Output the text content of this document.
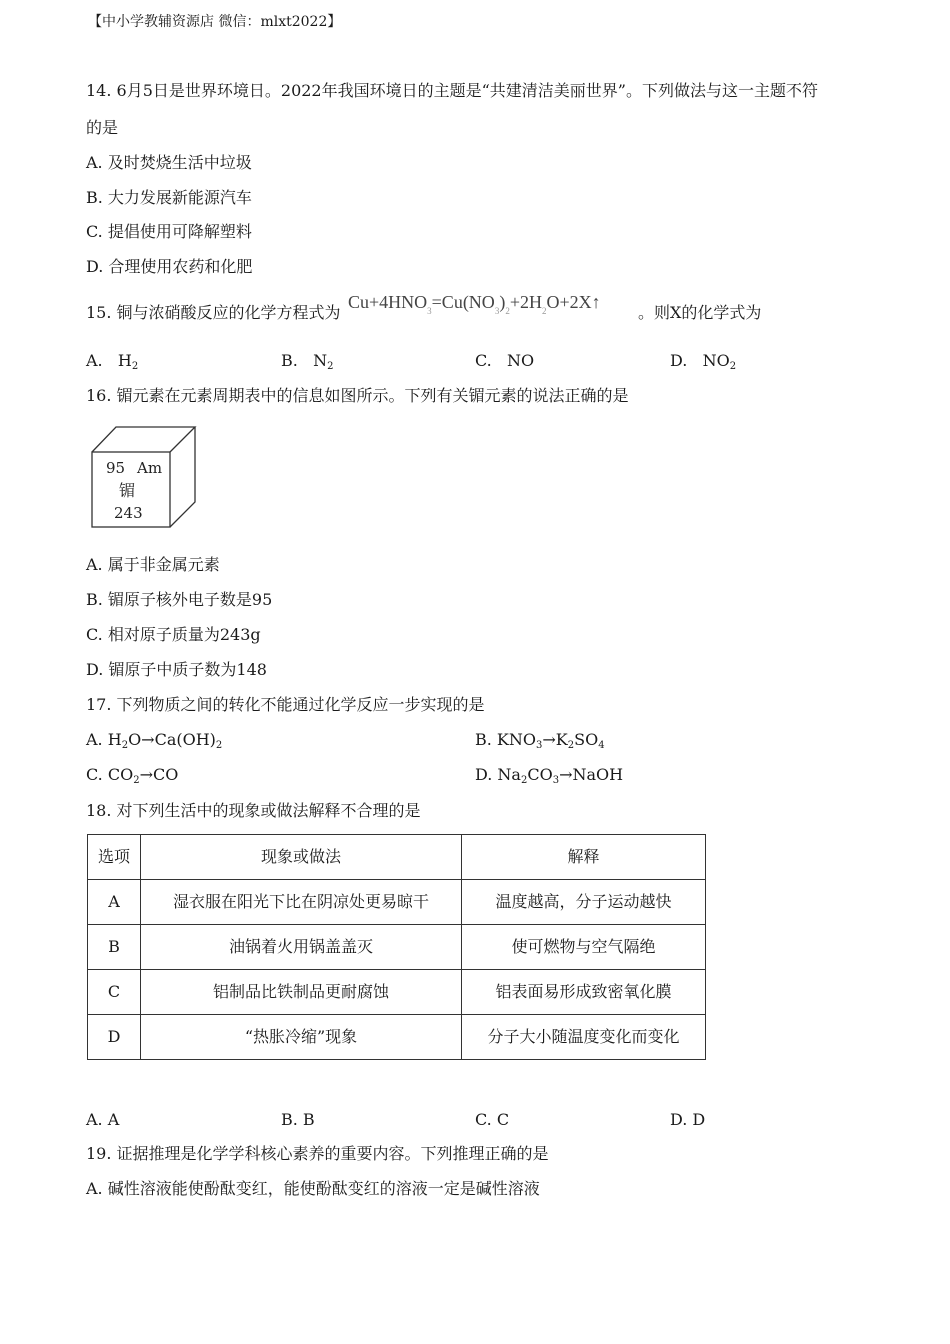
【中小学教辅资源店 微信：mlxt2022】
14. 6月5日是世界环境日。2022年我国环境日的主题是“共建清洁美丽世界”。下列做法与这一主题不符
的是
A. 及时焚烧生活中垃圾
B. 大力发展新能源汽车
C. 提倡使用可降解塑料
D. 合理使用农药和化肥
15. 铜与浓硝酸反应的化学方程式为
$Cu+4HNO_3=Cu(NO_3)_2+2H_2O+2X↑$
。则X的化学式为
A. $H_2$	B. $N_2$	C. NO	D. $NO_2$
16. 镅元素在元素周期表中的信息如图所示。下列有关镅元素的说法正确的是
95 Am
镅
243
A. 属于非金属元素
B. 镅原子核外电子数是95
C. 相对原子质量为243g
D. 镅原子中质子数为148
17. 下列物质之间的转化不能通过化学反应一步实现的是
A. $H_2O\to Ca(OH)_2$	B. $KNO_3\to K_2SO_4$
C. $CO_2\to CO$	D. $Na_2CO_3\to NaOH$
18. 对下列生活中的现象或做法解释不合理的是
选项	现象或做法	解释
A	湿衣服在阳光下比在阴凉处更易晾干	温度越高，分子运动越快
B	油锅着火用锅盖盖灭	使可燃物与空气隔绝
C	铝制品比铁制品更耐腐蚀	铝表面易形成致密氧化膜
D	“热胀冷缩”现象	分子大小随温度变化而变化
A. A	B. B	C. C	D. D
19. 证据推理是化学学科核心素养的重要内容。下列推理正确的是
A. 碱性溶液能使酚酞变红，能使酚酞变红的溶液一定是碱性溶液
